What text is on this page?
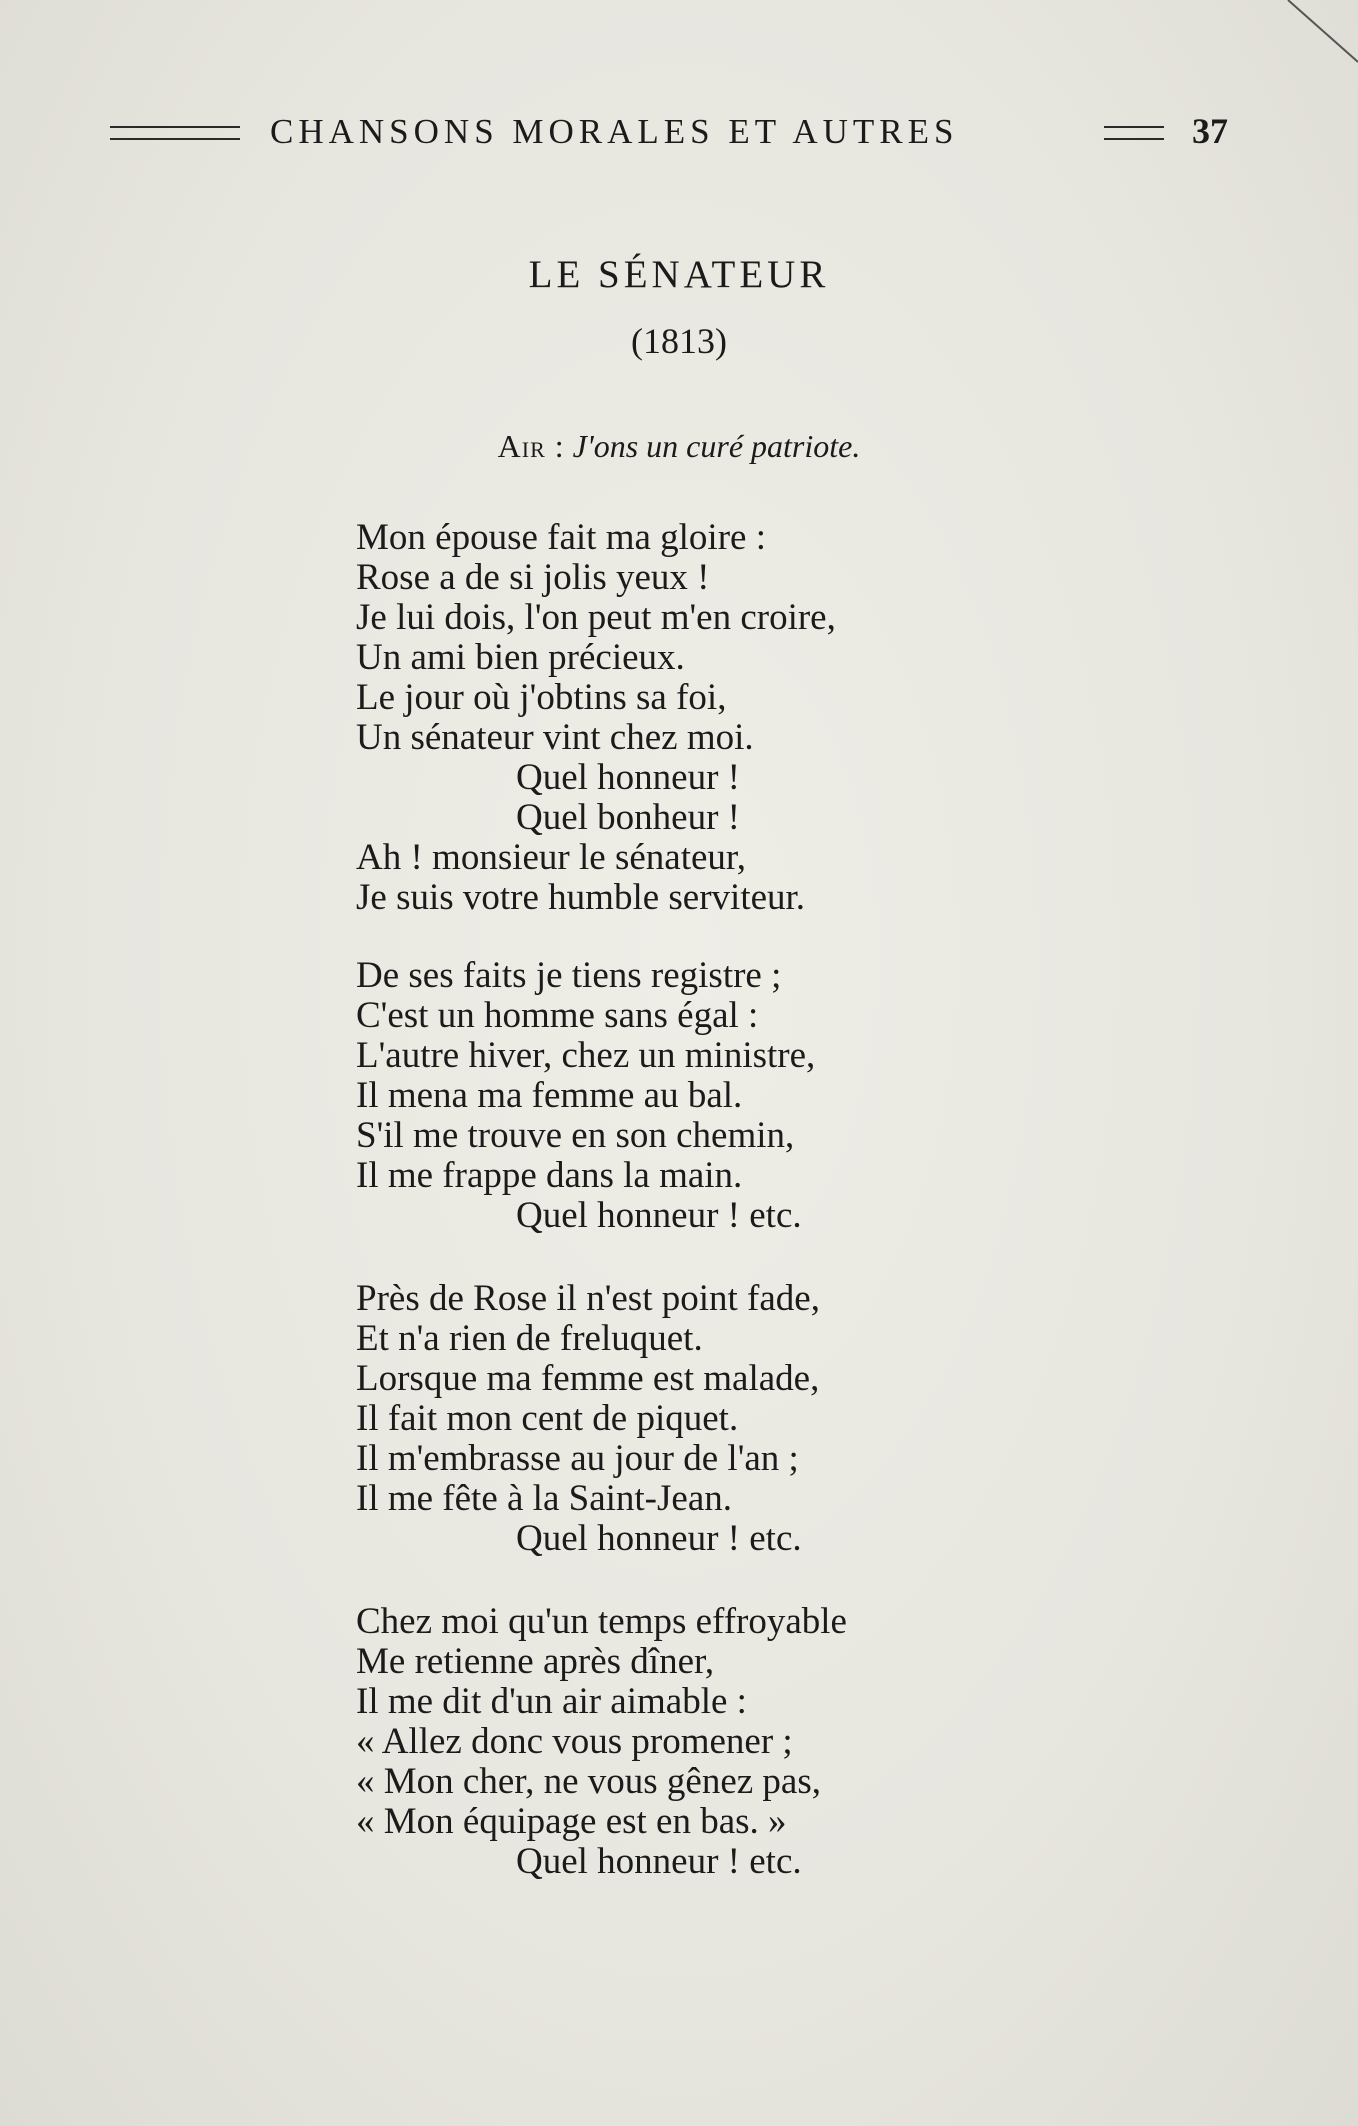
CHANSONS MORALES ET AUTRES	37
LE SÉNATEUR
(1813)
Air : J'ons un curé patriote.
Mon épouse fait ma gloire :
Rose a de si jolis yeux !
Je lui dois, l'on peut m'en croire,
Un ami bien précieux.
Le jour où j'obtins sa foi,
Un sénateur vint chez moi.
Quel honneur !
Quel bonheur !
Ah ! monsieur le sénateur,
Je suis votre humble serviteur.
De ses faits je tiens registre ;
C'est un homme sans égal :
L'autre hiver, chez un ministre,
Il mena ma femme au bal.
S'il me trouve en son chemin,
Il me frappe dans la main.
Quel honneur ! etc.
Près de Rose il n'est point fade,
Et n'a rien de freluquet.
Lorsque ma femme est malade,
Il fait mon cent de piquet.
Il m'embrasse au jour de l'an ;
Il me fête à la Saint-Jean.
Quel honneur ! etc.
Chez moi qu'un temps effroyable
Me retienne après dîner,
Il me dit d'un air aimable :
« Allez donc vous promener ;
« Mon cher, ne vous gênez pas,
« Mon équipage est en bas. »
Quel honneur ! etc.
